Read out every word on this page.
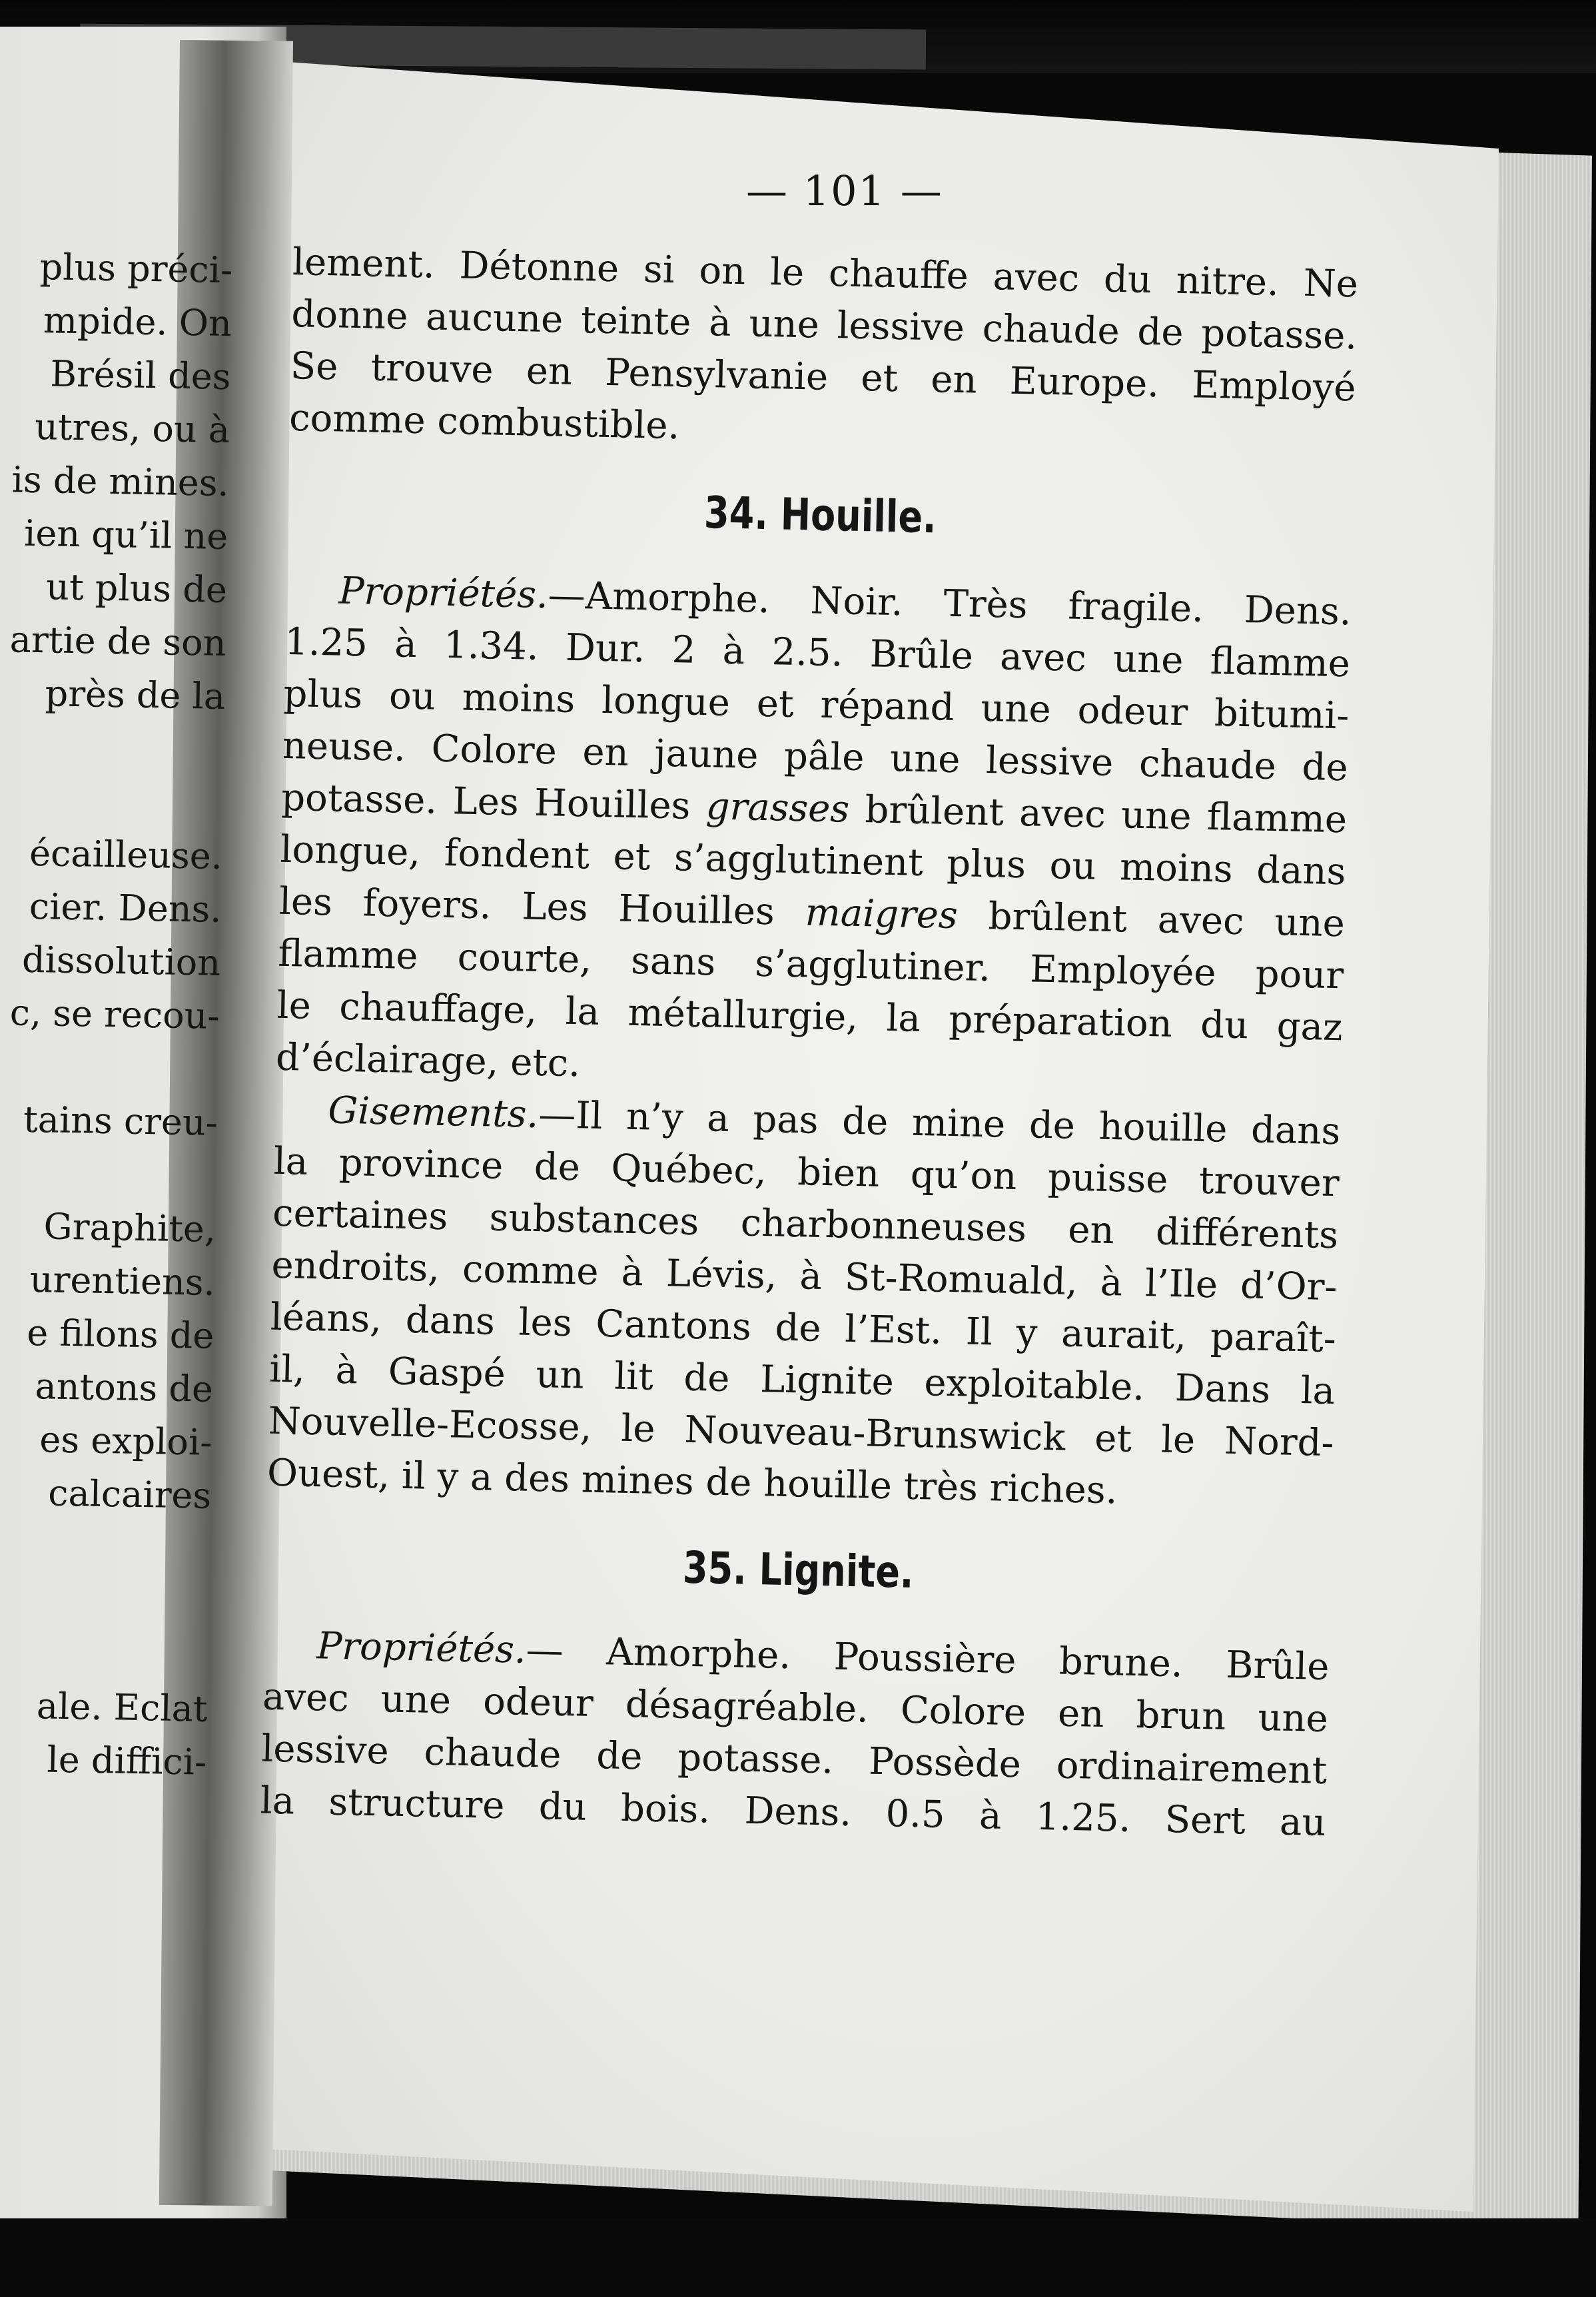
plus préci-
mpide. On
Brésil des
utres, ou à
is de mines.
ien qu’il ne
ut plus de
artie de son
près de la
écailleuse.
cier. Dens.
dissolution
c, se recou-
tains creu-
Graphite,
urentiens.
e filons de
antons de
es exploi-
calcaires
ale. Eclat
le diffici-
— 101 —
lement. Détonne si on le chauffe avec du nitre. Ne
donne aucune teinte à une lessive chaude de potasse.
Se trouve en Pensylvanie et en Europe. Employé
comme combustible.
34. Houille.
Propriétés.—Amorphe. Noir. Très fragile. Dens.
1.25 à 1.34. Dur. 2 à 2.5. Brûle avec une flamme
plus ou moins longue et répand une odeur bitumi-
neuse. Colore en jaune pâle une lessive chaude de
potasse. Les Houilles grasses brûlent avec une flamme
longue, fondent et s’agglutinent plus ou moins dans
les foyers. Les Houilles maigres brûlent avec une
flamme courte, sans s’agglutiner. Employée pour
le chauffage, la métallurgie, la préparation du gaz
d’éclairage, etc.
Gisements.—Il n’y a pas de mine de houille dans
la province de Québec, bien qu’on puisse trouver
certaines substances charbonneuses en différents
endroits, comme à Lévis, à St-Romuald, à l’Ile d’Or-
léans, dans les Cantons de l’Est. Il y aurait, paraît-
il, à Gaspé un lit de Lignite exploitable. Dans la
Nouvelle-Ecosse, le Nouveau-Brunswick et le Nord-
Ouest, il y a des mines de houille très riches.
35. Lignite.
Propriétés.— Amorphe. Poussière brune. Brûle
avec une odeur désagréable. Colore en brun une
lessive chaude de potasse. Possède ordinairement
la structure du bois. Dens. 0.5 à 1.25. Sert au
